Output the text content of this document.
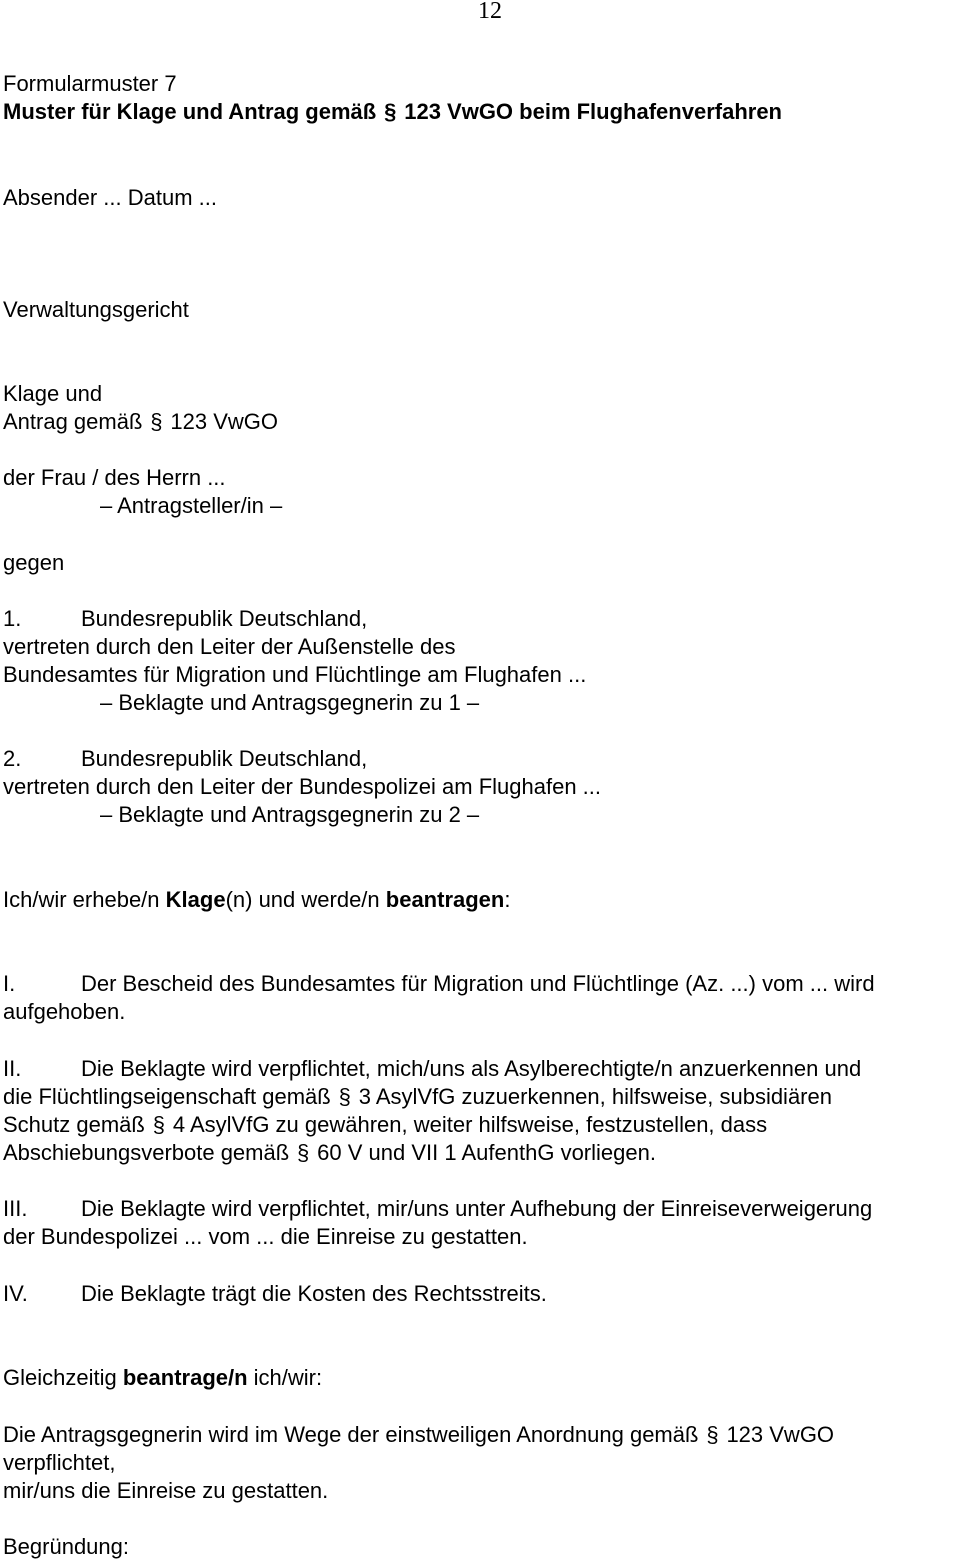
12
Formularmuster 7
Muster für Klage und Antrag gemäß § 123 VwGO beim Flughafenverfahren
Absender ... Datum ...
Verwaltungsgericht
Klage und
Antrag gemäß § 123 VwGO
der Frau / des Herrn ...
– Antragsteller/in –
gegen
1.	Bundesrepublik Deutschland,
vertreten durch den Leiter der Außenstelle des
Bundesamtes für Migration und Flüchtlinge am Flughafen ...
– Beklagte und Antragsgegnerin zu 1 –
2.	Bundesrepublik Deutschland,
vertreten durch den Leiter der Bundespolizei am Flughafen ...
– Beklagte und Antragsgegnerin zu 2 –
Ich/wir erhebe/n Klage(n) und werde/n beantragen:
I.	Der Bescheid des Bundesamtes für Migration und Flüchtlinge (Az. ...) vom ... wird
aufgehoben.
II.	Die Beklagte wird verpflichtet, mich/uns als Asylberechtigte/n anzuerkennen und
die Flüchtlingseigenschaft gemäß § 3 AsylVfG zuzuerkennen, hilfsweise, subsidiären
Schutz gemäß § 4 AsylVfG zu gewähren, weiter hilfsweise, festzustellen, dass
Abschiebungsverbote gemäß § 60 V und VII 1 AufenthG vorliegen.
III. Die Beklagte wird verpflichtet, mir/uns unter Aufhebung der Einreiseverweigerung
der Bundespolizei ... vom ... die Einreise zu gestatten.
IV. Die Beklagte trägt die Kosten des Rechtsstreits.
Gleichzeitig beantrage/n ich/wir:
Die Antragsgegnerin wird im Wege der einstweiligen Anordnung gemäß § 123 VwGO
verpflichtet,
mir/uns die Einreise zu gestatten.
Begründung:
